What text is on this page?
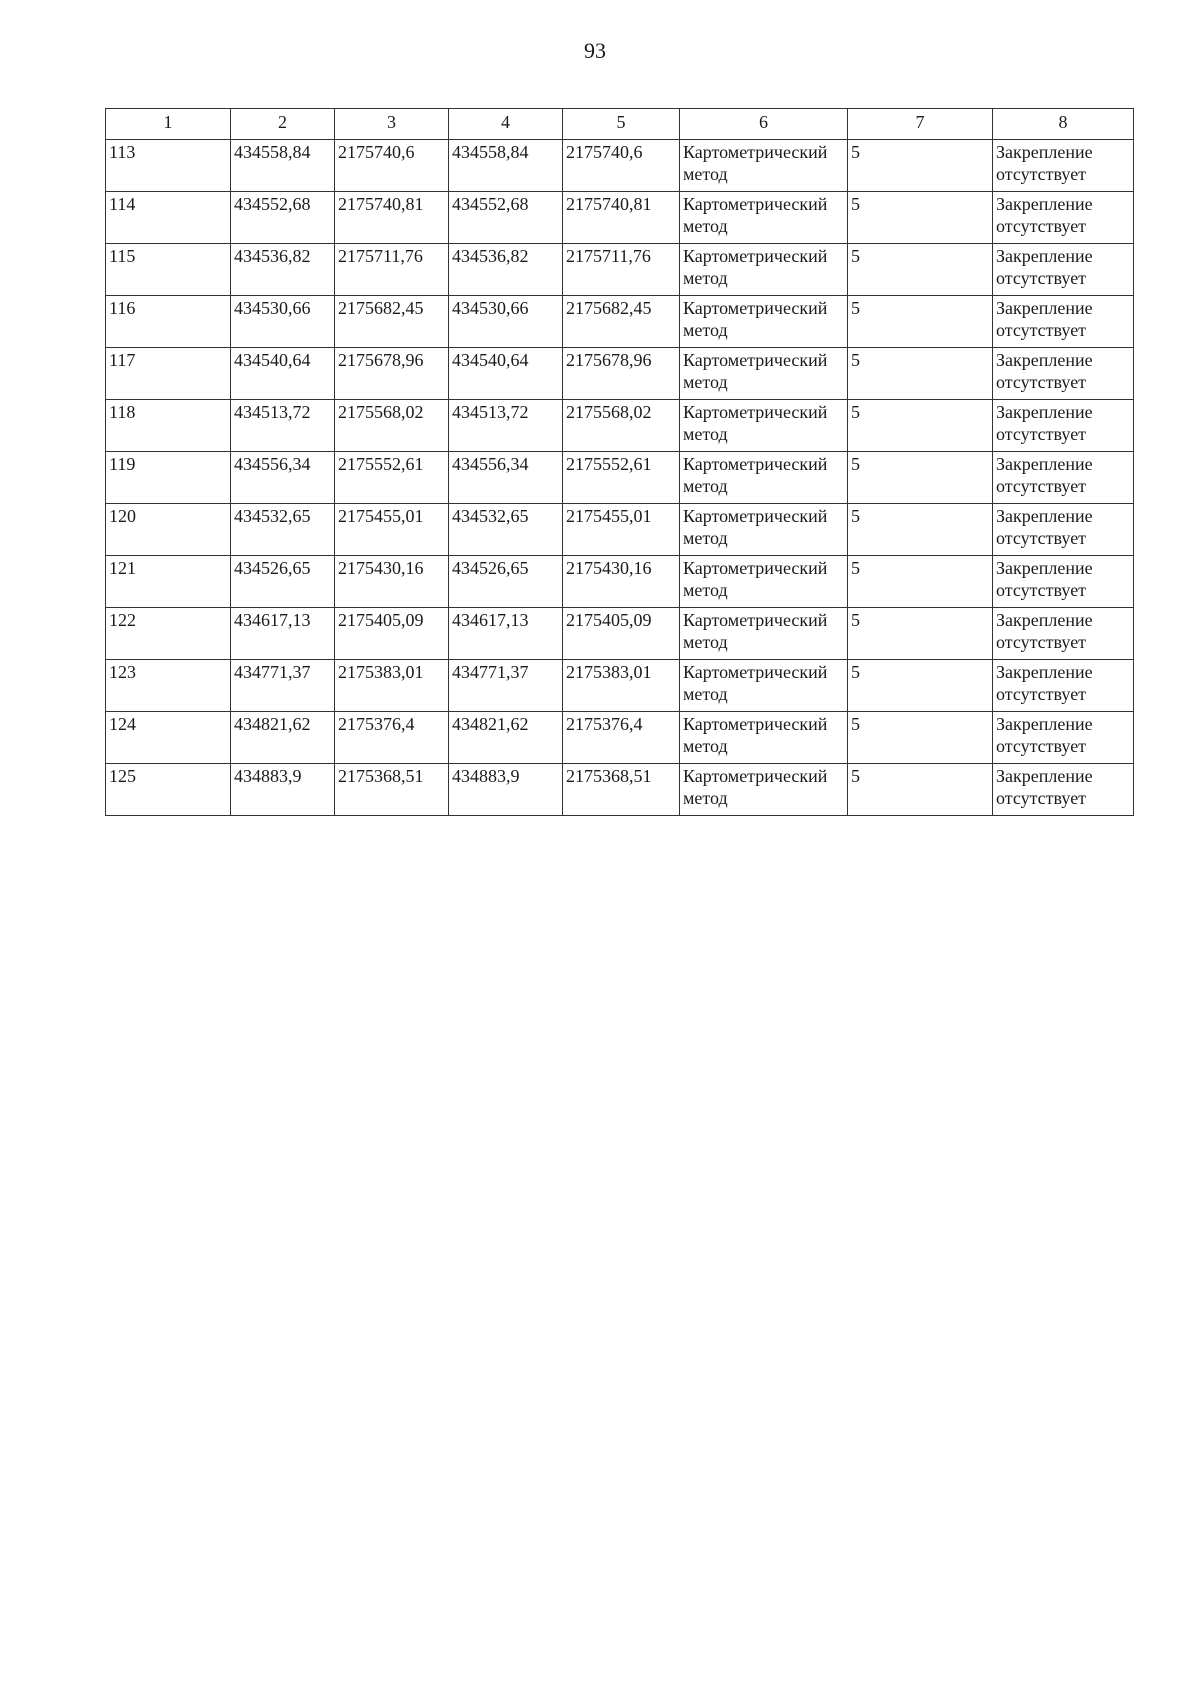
93
1	2	3	4	5	6	7	8
113	434558,84	2175740,6	434558,84	2175740,6	Картометрический метод	5	Закрепление отсутствует
114	434552,68	2175740,81	434552,68	2175740,81	Картометрический метод	5	Закрепление отсутствует
115	434536,82	2175711,76	434536,82	2175711,76	Картометрический метод	5	Закрепление отсутствует
116	434530,66	2175682,45	434530,66	2175682,45	Картометрический метод	5	Закрепление отсутствует
117	434540,64	2175678,96	434540,64	2175678,96	Картометрический метод	5	Закрепление отсутствует
118	434513,72	2175568,02	434513,72	2175568,02	Картометрический метод	5	Закрепление отсутствует
119	434556,34	2175552,61	434556,34	2175552,61	Картометрический метод	5	Закрепление отсутствует
120	434532,65	2175455,01	434532,65	2175455,01	Картометрический метод	5	Закрепление отсутствует
121	434526,65	2175430,16	434526,65	2175430,16	Картометрический метод	5	Закрепление отсутствует
122	434617,13	2175405,09	434617,13	2175405,09	Картометрический метод	5	Закрепление отсутствует
123	434771,37	2175383,01	434771,37	2175383,01	Картометрический метод	5	Закрепление отсутствует
124	434821,62	2175376,4	434821,62	2175376,4	Картометрический метод	5	Закрепление отсутствует
125	434883,9	2175368,51	434883,9	2175368,51	Картометрический метод	5	Закрепление отсутствует
